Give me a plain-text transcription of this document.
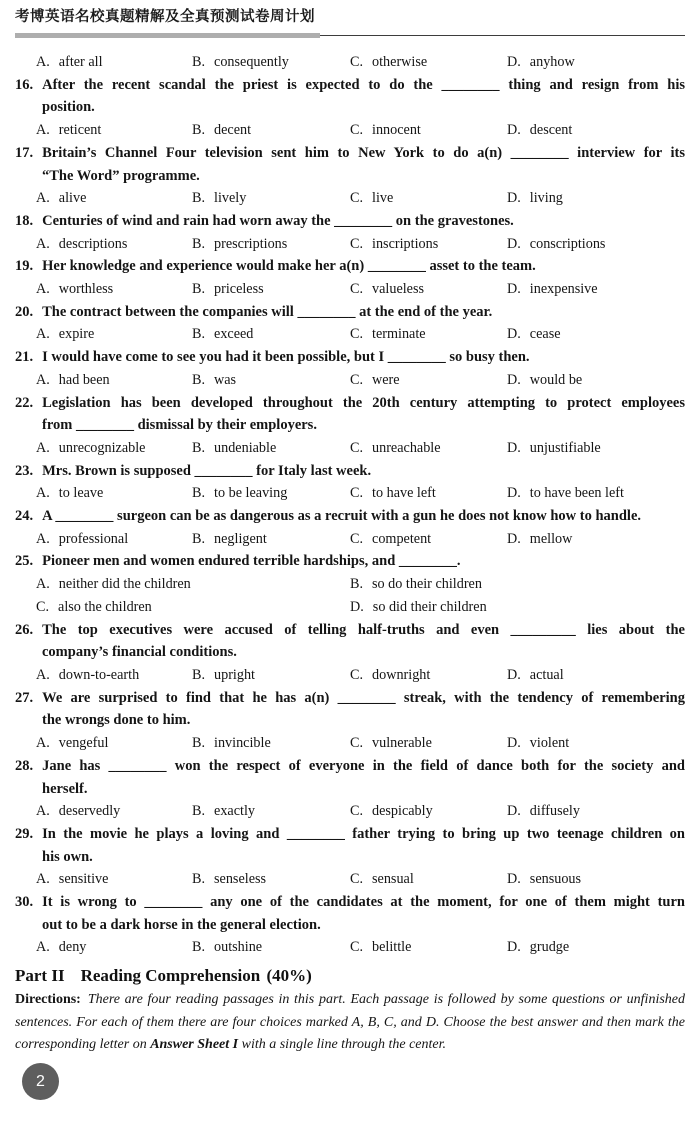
考博英语名校真题精解及全真预测试卷周计划
A. after all	B. consequently	C. otherwise	D. anyhow
16. After the recent scandal the priest is expected to do the ________ thing and resign from his
position.
A. reticent	B. decent	C. innocent	D. descent
17. Britain’s Channel Four television sent him to New York to do a(n) ________ interview for its
“The Word” programme.
A. alive	B. lively	C. live	D. living
18. Centuries of wind and rain had worn away the ________ on the gravestones.
A. descriptions	B. prescriptions	C. inscriptions	D. conscriptions
19. Her knowledge and experience would make her a(n) ________ asset to the team.
A. worthless	B. priceless	C. valueless	D. inexpensive
20. The contract between the companies will ________ at the end of the year.
A. expire	B. exceed	C. terminate	D. cease
21. I would have come to see you had it been possible, but I ________ so busy then.
A. had been	B. was	C. were	D. would be
22. Legislation has been developed throughout the 20th century attempting to protect employees
from ________ dismissal by their employers.
A. unrecognizable	B. undeniable	C. unreachable	D. unjustifiable
23. Mrs. Brown is supposed ________ for Italy last week.
A. to leave	B. to be leaving	C. to have left	D. to have been left
24. A ________ surgeon can be as dangerous as a recruit with a gun he does not know how to handle.
A. professional	B. negligent	C. competent	D. mellow
25. Pioneer men and women endured terrible hardships, and ________.
A. neither did the children	B. so do their children
C. also the children	D. so did their children
26. The top executives were accused of telling half-truths and even _________ lies about the
company’s financial conditions.
A. down-to-earth	B. upright	C. downright	D. actual
27. We are surprised to find that he has a(n) ________ streak, with the tendency of remembering
the wrongs done to him.
A. vengeful	B. invincible	C. vulnerable	D. violent
28. Jane has ________ won the respect of everyone in the field of dance both for the society and
herself.
A. deservedly	B. exactly	C. despicably	D. diffusely
29. In the movie he plays a loving and ________ father trying to bring up two teenage children on
his own.
A. sensitive	B. senseless	C. sensual	D. sensuous
30. It is wrong to ________ any one of the candidates at the moment, for one of them might turn
out to be a dark horse in the general election.
A. deny	B. outshine	C. belittle	D. grudge
Part II Reading Comprehension (40%)

Directions: There are four reading passages in this part. Each passage is followed by some questions or unfinished sentences. For each of them there are four choices marked A, B, C, and D. Choose the best answer and then mark the corresponding letter on Answer Sheet I with a single line through the center.

2
